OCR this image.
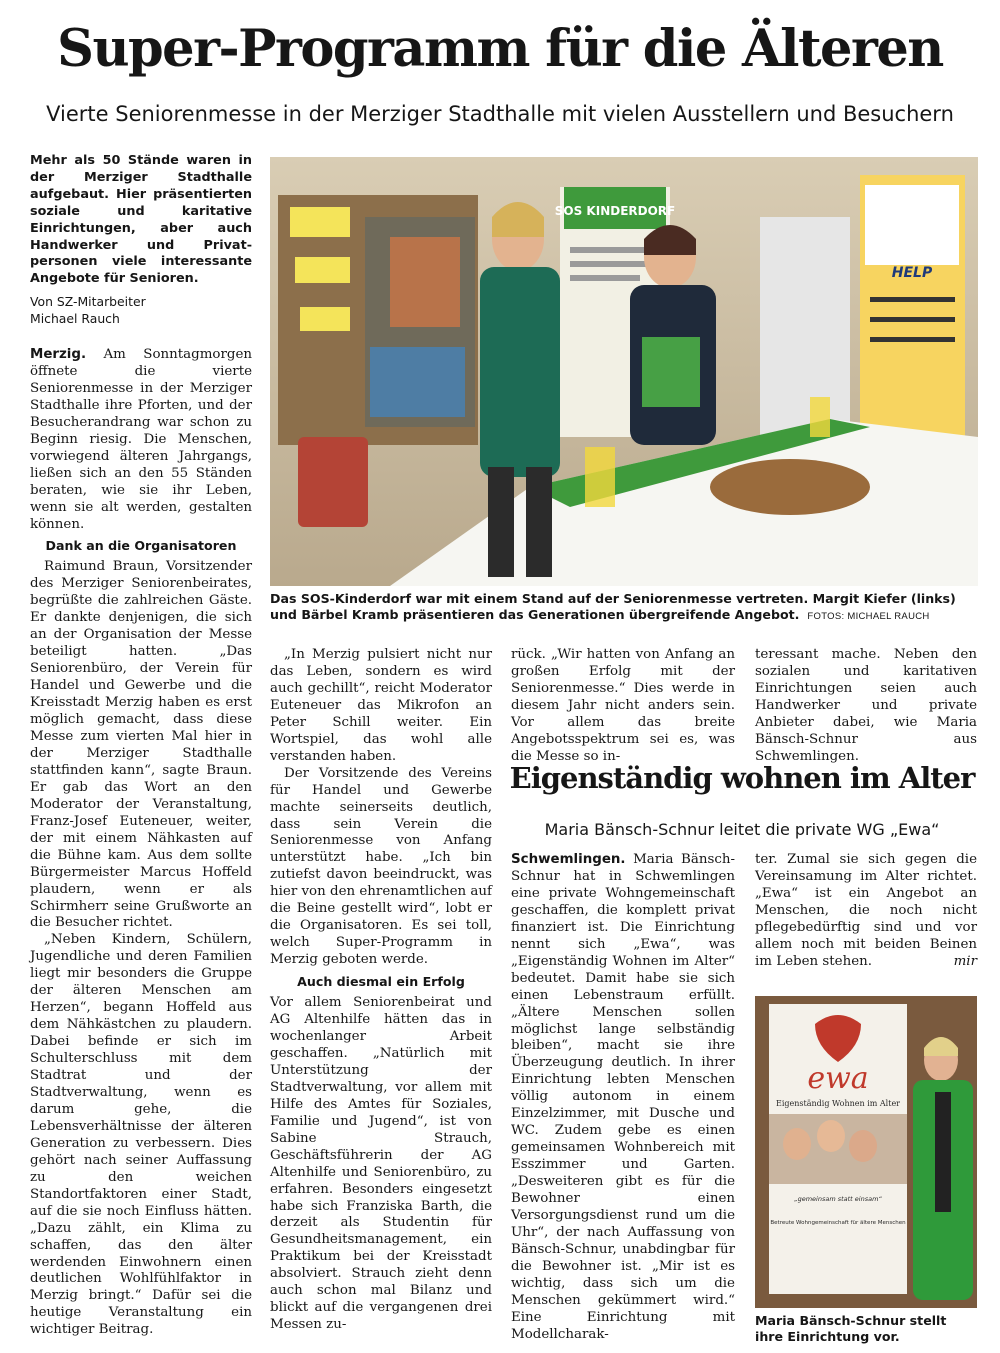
Super-Programm für die Älteren
Vierte Seniorenmesse in der Merziger Stadthalle mit vielen Ausstellern und Besuchern
Mehr als 50 Stände waren in der Merziger Stadthalle aufgebaut. Hier präsentierten soziale und karitative Einrichtungen, aber auch Handwerker und Privatpersonen viele interessante Angebote für Senioren.
Von SZ-Mitarbeiter
Michael Rauch

Merzig. Am Sonntagmorgen öffnete die vierte Seniorenmesse in der Merziger Stadthalle ihre Pforten, und der Besucherandrang war schon zu Beginn riesig. Die Menschen, vorwiegend älteren Jahrgangs, ließen sich an den 55 Ständen beraten, wie sie ihr Leben, wenn sie alt werden, gestalten können.

Dank an die Organisatoren

Raimund Braun, Vorsitzender des Merziger Seniorenbeirates, begrüßte die zahlreichen Gäste. Er dankte denjenigen, die sich an der Organisation der Messe beteiligt hatten. „Das Seniorenbüro, der Verein für Handel und Gewerbe und die Kreisstadt Merzig haben es erst möglich gemacht, dass diese Messe zum vierten Mal hier in der Merziger Stadthalle stattfinden kann“, sagte Braun. Er gab das Wort an den Moderator der Veranstaltung, Franz-Josef Euteneuer, weiter, der mit einem Nähkasten auf die Bühne kam. Aus dem sollte Bürgermeister Marcus Hoffeld plaudern, wenn er als Schirmherr seine Grußworte an die Besucher richtet.

„Neben Kindern, Schülern, Jugendliche und deren Familien liegt mir besonders die Gruppe der älteren Menschen am Herzen“, begann Hoffeld aus dem Nähkästchen zu plaudern. Dabei befinde er sich im Schulterschluss mit dem Stadtrat und der Stadtverwaltung, wenn es darum gehe, die Lebensverhältnisse der älteren Generation zu verbessern. Dies gehört nach seiner Auffassung zu den weichen Standortfaktoren einer Stadt, auf die sie noch Einfluss hätten. „Dazu zählt, ein Klima zu schaffen, das den älter werdenden Einwohnern einen deutlichen Wohlfühlfaktor in Merzig bringt.“ Dafür sei die heutige Veranstaltung ein wichtiger Beitrag.

SOS KINDERDORF
HELP
Das SOS-Kinderdorf war mit einem Stand auf der Seniorenmesse vertreten. Margit Kiefer (links) und Bärbel Kramb präsentieren das Generationen übergreifende Angebot. FOTOS: MICHAEL RAUCH

„In Merzig pulsiert nicht nur das Leben, sondern es wird auch gechillt“, reicht Moderator Euteneuer das Mikrofon an Peter Schill weiter. Ein Wortspiel, das wohl alle verstanden haben.

Der Vorsitzende des Vereins für Handel und Gewerbe machte seinerseits deutlich, dass sein Verein die Seniorenmesse von Anfang unterstützt habe. „Ich bin zutiefst davon beeindruckt, was hier von den ehrenamtlichen auf die Beine gestellt wird“, lobt er die Organisatoren. Es sei toll, welch Super-Programm in Merzig geboten werde.

Auch diesmal ein Erfolg

Vor allem Seniorenbeirat und AG Altenhilfe hätten das in wochenlanger Arbeit geschaffen. „Natürlich mit Unterstützung der Stadtverwaltung, vor allem mit Hilfe des Amtes für Soziales, Familie und Jugend“, ist von Sabine Strauch, Geschäftsführerin der AG Altenhilfe und Seniorenbüro, zu erfahren. Besonders eingesetzt habe sich Franziska Barth, die derzeit als Studentin für Gesundheitsmanagement, ein Praktikum bei der Kreisstadt absolviert. Strauch zieht denn auch schon mal Bilanz und blickt auf die vergangenen drei Messen zu-

rück. „Wir hatten von Anfang an großen Erfolg mit der Seniorenmesse.“ Dies werde in diesem Jahr nicht anders sein. Vor allem das breite Angebotsspektrum sei es, was die Messe so in-

teressant mache. Neben den sozialen und karitativen Einrichtungen seien auch Handwerker und private Anbieter dabei, wie Maria Bänsch-Schnur aus Schwemlingen.

Eigenständig wohnen im Alter
Maria Bänsch-Schnur leitet die private WG „Ewa“

Schwemlingen. Maria Bänsch-Schnur hat in Schwemlingen eine private Wohngemeinschaft geschaffen, die komplett privat finanziert ist. Die Einrichtung nennt sich „Ewa“, was „Eigenständig Wohnen im Alter“ bedeutet. Damit habe sie sich einen Lebenstraum erfüllt. „Ältere Menschen sollen möglichst lange selbständig bleiben“, macht sie ihre Überzeugung deutlich. In ihrer Einrichtung lebten Menschen völlig autonom in einem Einzelzimmer, mit Dusche und WC. Zudem gebe es einen gemeinsamen Wohnbereich mit Esszimmer und Garten. „Desweiteren gibt es für die Bewohner einen Versorgungsdienst rund um die Uhr“, der nach Auffassung von Bänsch-Schnur, unabdingbar für die Bewohner ist. „Mir ist es wichtig, dass sich um die Menschen gekümmert wird.“ Eine Einrichtung mit Modellcharak-

ter. Zumal sie sich gegen die Vereinsamung im Alter richtet. „Ewa“ ist ein Angebot an Menschen, die noch nicht pflegebedürftig sind und vor allem noch mit beiden Beinen im Leben stehen.	mir

ewa
Eigenständig Wohnen im Alter
„gemeinsam statt einsam“
Betreute Wohngemeinschaft für ältere Menschen
Maria Bänsch-Schnur stellt ihre Einrichtung vor.
